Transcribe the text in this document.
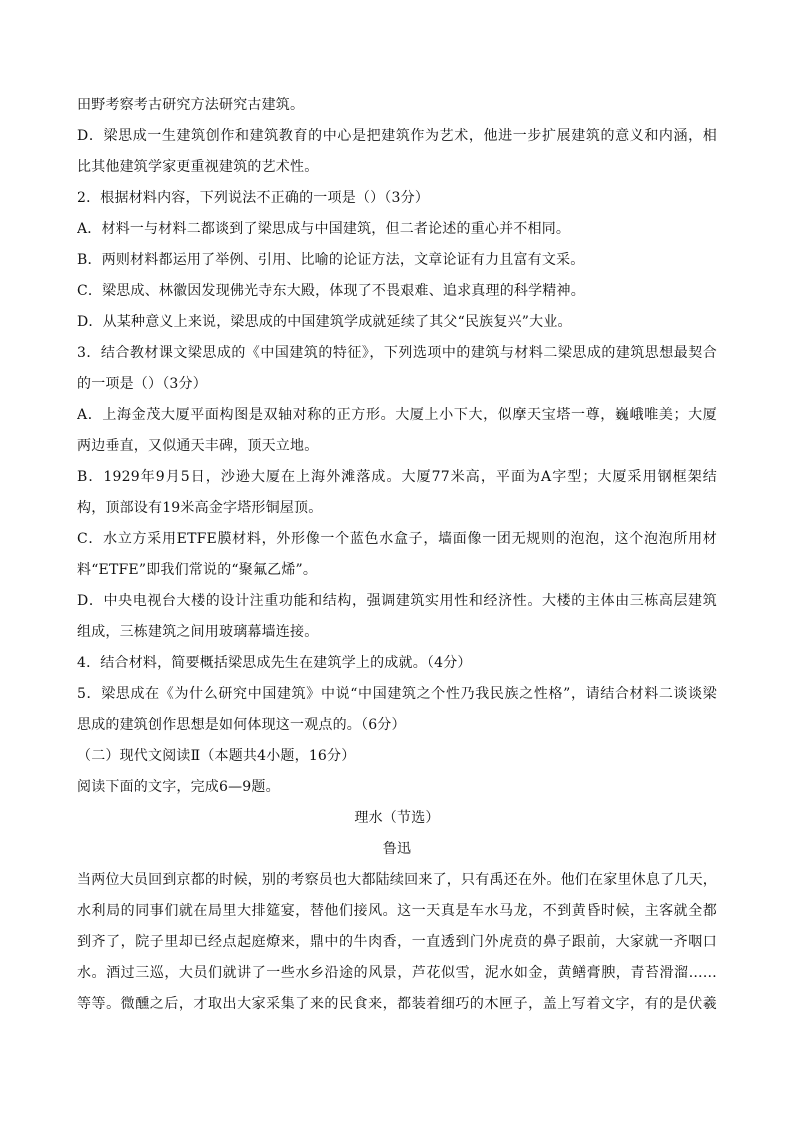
田野考察考古研究方法研究古建筑。
D．梁思成一生建筑创作和建筑教育的中心是把建筑作为艺术，他进一步扩展建筑的意义和内涵，相
比其他建筑学家更重视建筑的艺术性。
2．根据材料内容，下列说法不正确的一项是（）（3分）
A．材料一与材料二都谈到了梁思成与中国建筑，但二者论述的重心并不相同。
B．两则材料都运用了举例、引用、比喻的论证方法，文章论证有力且富有文采。
C．梁思成、林徽因发现佛光寺东大殿，体现了不畏艰难、追求真理的科学精神。
D．从某种意义上来说，梁思成的中国建筑学成就延续了其父“民族复兴”大业。
3．结合教材课文梁思成的《中国建筑的特征》，下列选项中的建筑与材料二梁思成的建筑思想最契合
的一项是（）（3分）
A．上海金茂大厦平面构图是双轴对称的正方形。大厦上小下大，似摩天宝塔一尊，巍峨唯美；大厦
两边垂直，又似通天丰碑，顶天立地。
B．1929年9月5日，沙逊大厦在上海外滩落成。大厦77米高，平面为A字型；大厦采用钢框架结
构，顶部设有19米高金字塔形铜屋顶。
C．水立方采用ETFE膜材料，外形像一个蓝色水盒子，墙面像一团无规则的泡泡，这个泡泡所用材
料“ETFE”即我们常说的“聚氟乙烯”。
D．中央电视台大楼的设计注重功能和结构，强调建筑实用性和经济性。大楼的主体由三栋高层建筑
组成，三栋建筑之间用玻璃幕墙连接。
4．结合材料，简要概括梁思成先生在建筑学上的成就。（4分）
5．梁思成在《为什么研究中国建筑》中说“中国建筑之个性乃我民族之性格”，请结合材料二谈谈梁
思成的建筑创作思想是如何体现这一观点的。（6分）
（二）现代文阅读Ⅱ（本题共4小题，16分）
阅读下面的文字，完成6—9题。
理水（节选）
鲁迅
当两位大员回到京都的时候，别的考察员也大都陆续回来了，只有禹还在外。他们在家里休息了几天，
水利局的同事们就在局里大排筵宴，替他们接风。这一天真是车水马龙，不到黄昏时候，主客就全都
到齐了，院子里却已经点起庭燎来，鼎中的牛肉香，一直透到门外虎贲的鼻子跟前，大家就一齐咽口
水。酒过三巡，大员们就讲了一些水乡沿途的风景，芦花似雪，泥水如金，黄鳝膏腴，青苔滑溜……
等等。微醺之后，才取出大家采集了来的民食来，都装着细巧的木匣子，盖上写着文字，有的是伏羲
